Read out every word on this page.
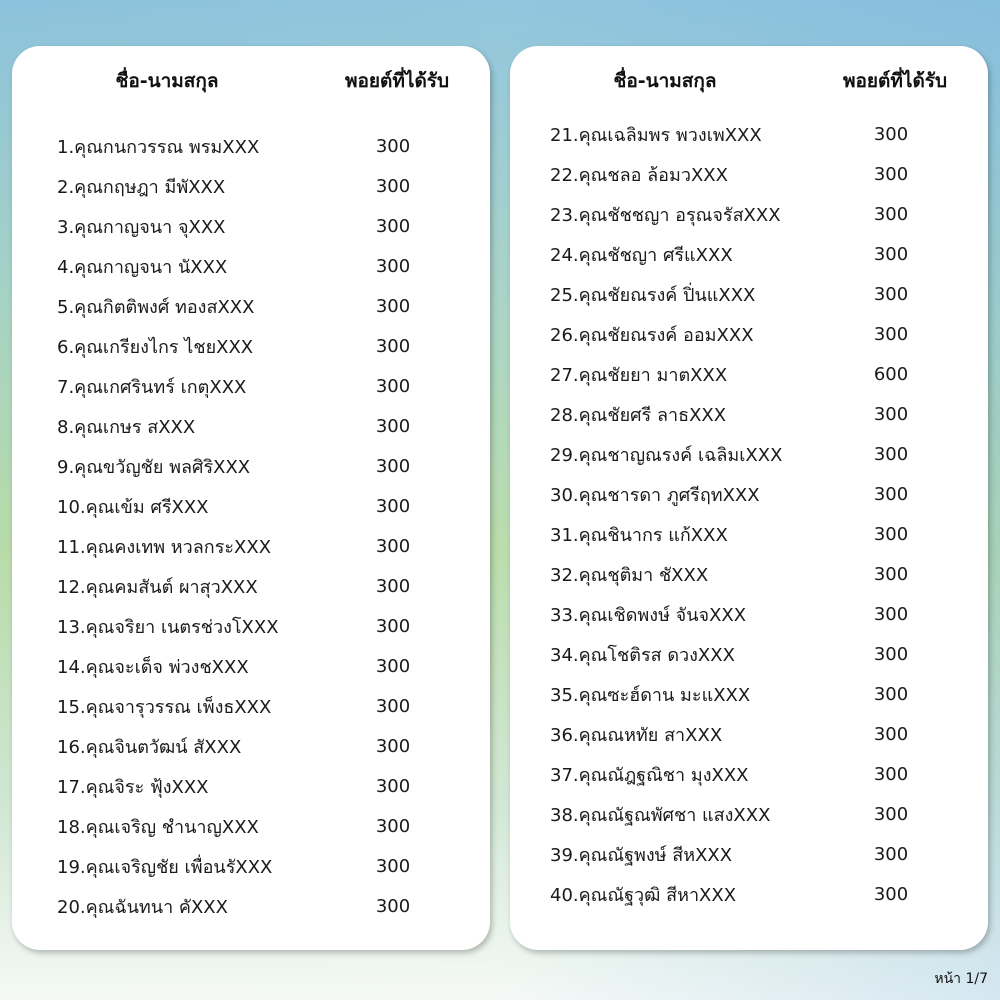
ชื่อ-นามสกุล	พอยต์ที่ได้รับ
1.คุณกนกวรรณ พรมXXX	300
2.คุณกฤษฎา มีพัXXX	300
3.คุณกาญจนา จุXXX	300
4.คุณกาญจนา นัXXX	300
5.คุณกิตติพงศ์ ทองสXXX	300
6.คุณเกรียงไกร ไชยXXX	300
7.คุณเกศรินทร์ เกตุXXX	300
8.คุณเกษร สXXX	300
9.คุณขวัญชัย พลศิริXXX	300
10.คุณเข้ม ศรีXXX	300
11.คุณคงเทพ หวลกระXXX	300
12.คุณคมสันต์ ผาสุวXXX	300
13.คุณจริยา เนตรช่วงโXXX	300
14.คุณจะเด็จ พ่วงชXXX	300
15.คุณจารุวรรณ เพ็งธXXX	300
16.คุณจินตวัฒน์ สัXXX	300
17.คุณจิระ ฟุ้งXXX	300
18.คุณเจริญ ชำนาญXXX	300
19.คุณเจริญชัย เพื่อนรัXXX	300
20.คุณฉันทนา คัXXX	300
ชื่อ-นามสกุล	พอยต์ที่ได้รับ
21.คุณเฉลิมพร พวงเพXXX	300
22.คุณชลอ ล้อมวXXX	300
23.คุณชัชชญา อรุณจรัสXXX	300
24.คุณชัชญา ศรีแXXX	300
25.คุณชัยณรงค์ ปิ่นแXXX	300
26.คุณชัยณรงค์ ออมXXX	300
27.คุณชัยยา มาตXXX	600
28.คุณชัยศรี ลาธXXX	300
29.คุณชาญณรงค์ เฉลิมเXXX	300
30.คุณชารดา ภูศรีฤทXXX	300
31.คุณชินากร แก้XXX	300
32.คุณชุติมา ชัXXX	300
33.คุณเชิดพงษ์ จันจXXX	300
34.คุณโชติรส ดวงXXX	300
35.คุณซะฮ์ดาน มะแXXX	300
36.คุณณหทัย สาXXX	300
37.คุณณัฎฐณิชา มุงXXX	300
38.คุณณัฐณพัศชา แสงXXX	300
39.คุณณัฐพงษ์ สีหXXX	300
40.คุณณัฐวุฒิ สีหาXXX	300
หน้า 1/7
